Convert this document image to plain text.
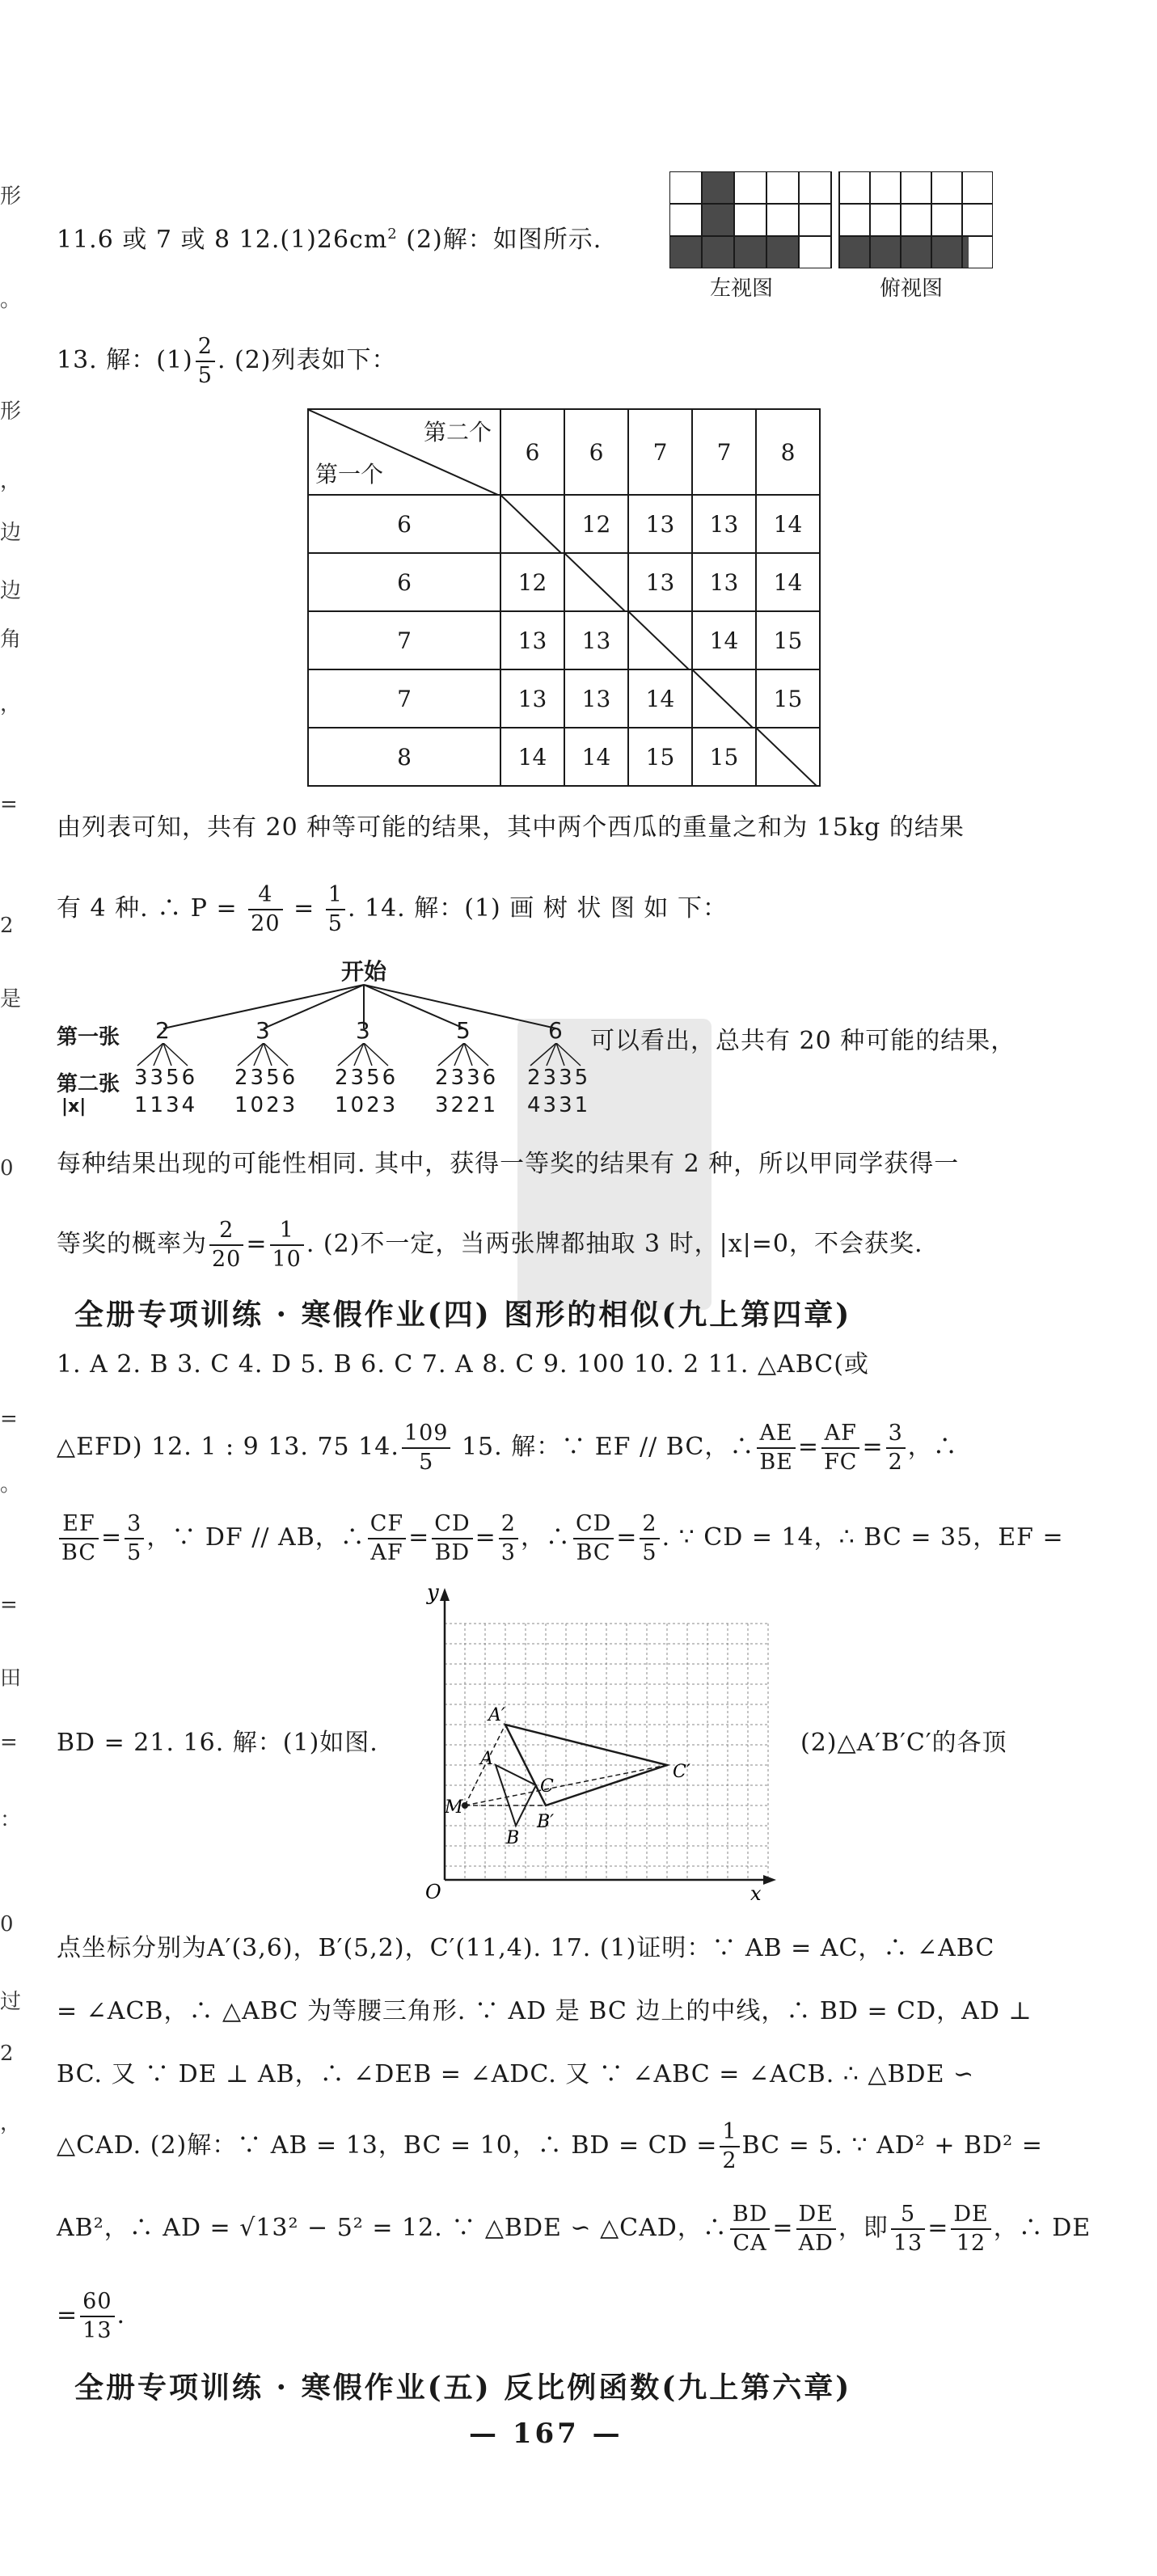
形
。
形
，
边
边
角
，
=
2
是
0
=
。
=
田
=
：
0
过
2
，
11.6 或 7 或 8 $12.(1)26cm^2$ (2)解：如图所示.
左视图	俯视图
13. 解：$(1) \frac{2}{5}$ . (2)列表如下：
第二个
第一个	6	6	7	7	8
6		12	13	13	14
6	12		13	13	14
7	13	13		14	15
7	13	13	14		15
8	14	14	15	15	
由列表可知，共有 20 种等可能的结果，其中两个西瓜的重量之和为 15kg 的结果
有 4 种. ∴ $P = \frac{4}{20} = \frac{1}{5}$ . 14. 解：(1) 画 树 状 图 如 下：
开始
第一张 2	3	3	5	6
第二张 3356 2356 2356 2336 2335
|x| 1134 1023 1023 3221 4331
可以看出，总共有 20 种可能的结果，
每种结果出现的可能性相同. 其中，获得一等奖的结果有 2 种，所以甲同学获得一
等奖的概率为 $\frac{2}{20} = \frac{1}{10}$ . (2)不一定，当两张牌都抽取 3 时，|x|=0，不会获奖.
全册专项训练 · 寒假作业(四) 图形的相似(九上第四章)
1. A 2. B 3. C 4. D 5. B 6. C 7. A 8. C 9. 100 10. 2 11. △ABC(或
△EFD) 12. 1 : 9 13. 75 14. $\frac{109}{5} 15$. 解：∵ EF // BC，∴ $\frac{AE}{BE} = \frac{AF}{FC} = \frac{3}{2}$ ，∴
$\frac{EF}{BC} = \frac{3}{5}$ ，∵ DF // AB，∴ $\frac{CF}{AF} = \frac{CD}{BD} = \frac{2}{3}$ ，∴ $\frac{CD}{BC} = \frac{2}{5}$ . ∵ CD = 14，∴ BC = 35，EF =
y
x
O
A′
A
M
B
B′
C
C′
BD = 21. 16. 解：(1)如图.	(2)△A′B′C′的各顶
点坐标分别为A′(3,6)，B′(5,2)，C′(11,4). 17. (1)证明：∵ AB = AC，∴ ∠ABC
= ∠ACB，∴ △ABC 为等腰三角形. ∵ AD 是 BC 边上的中线，∴ BD = CD，AD ⊥
BC. 又 ∵ DE ⊥ AB，∴ ∠DEB = ∠ADC. 又 ∵ ∠ABC = ∠ACB. ∴ △BDE ∽
△CAD. (2)解：∵ AB = 13，BC = 10，∴ BD = CD = $\frac{1}{2}$ BC = 5. ∵ AD² + BD² =
AB²，∴ AD = √13² − 5² = 12. ∵ △BDE ∽ △CAD，∴ $\frac{BD}{CA} = \frac{DE}{AD}$ ，即 $\frac{5}{13} = \frac{DE}{12}$ ，∴ DE
= $\frac{60}{13}$ .
全册专项训练 · 寒假作业(五) 反比例函数(九上第六章)
— 167 —
